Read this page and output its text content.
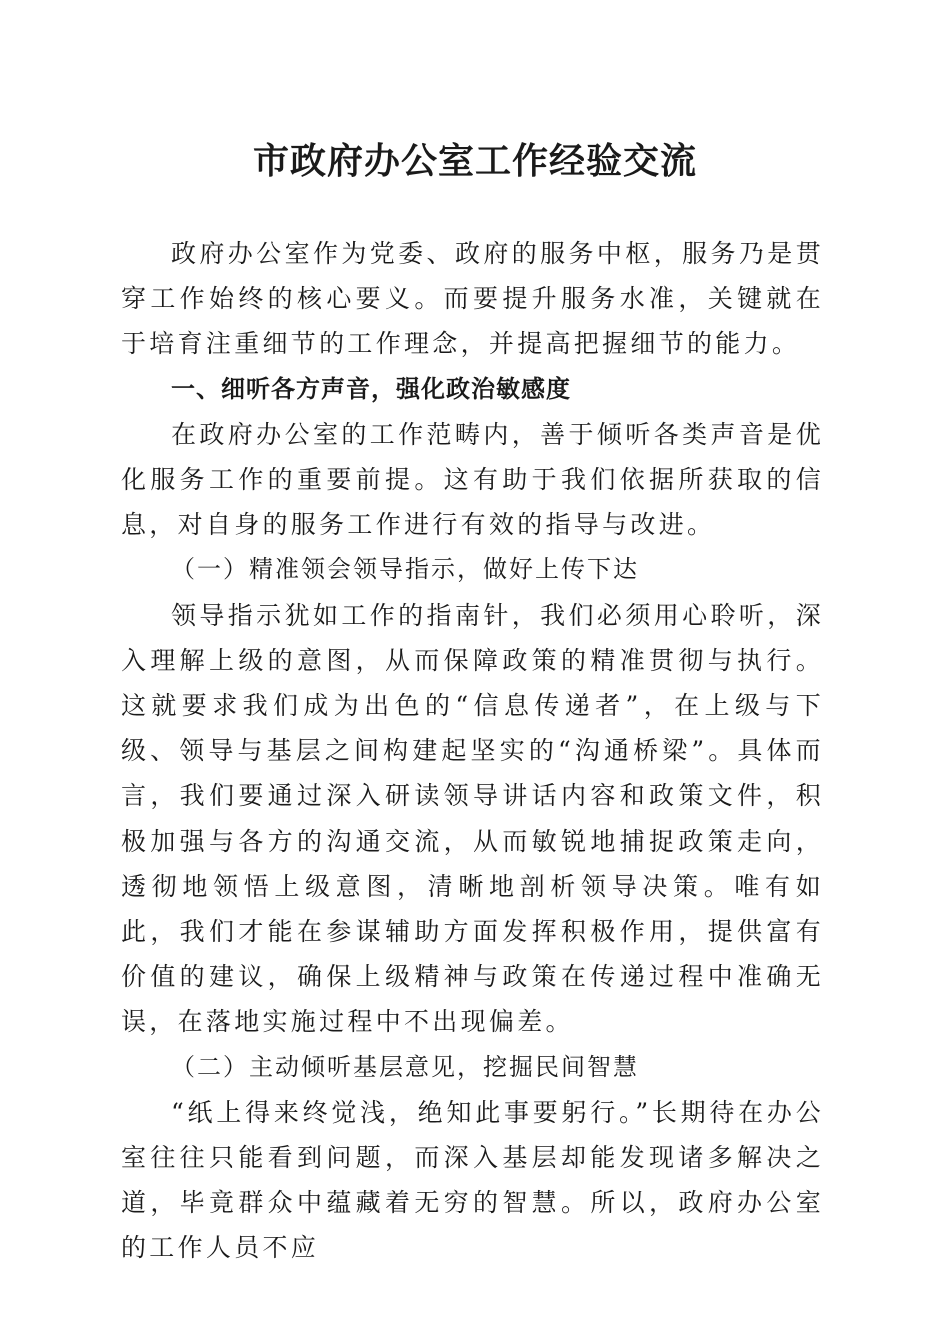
市政府办公室工作经验交流

政府办公室作为党委、政府的服务中枢，服务乃是贯穿工作始终的核心要义。而要提升服务水准，关键就在于培育注重细节的工作理念，并提高把握细节的能力。

一、细听各方声音，强化政治敏感度

在政府办公室的工作范畴内，善于倾听各类声音是优化服务工作的重要前提。这有助于我们依据所获取的信息，对自身的服务工作进行有效的指导与改进。

（一）精准领会领导指示，做好上传下达

领导指示犹如工作的指南针，我们必须用心聆听，深入理解上级的意图，从而保障政策的精准贯彻与执行。这就要求我们成为出色的“信息传递者”，在上级与下级、领导与基层之间构建起坚实的“沟通桥梁”。具体而言，我们要通过深入研读领导讲话内容和政策文件，积极加强与各方的沟通交流，从而敏锐地捕捉政策走向，透彻地领悟上级意图，清晰地剖析领导决策。唯有如此，我们才能在参谋辅助方面发挥积极作用，提供富有价值的建议，确保上级精神与政策在传递过程中准确无误，在落地实施过程中不出现偏差。

（二）主动倾听基层意见，挖掘民间智慧

“纸上得来终觉浅，绝知此事要躬行。”长期待在办公室往往只能看到问题，而深入基层却能发现诸多解决之道，毕竟群众中蕴藏着无穷的智慧。所以，政府办公室的工作人员不应
